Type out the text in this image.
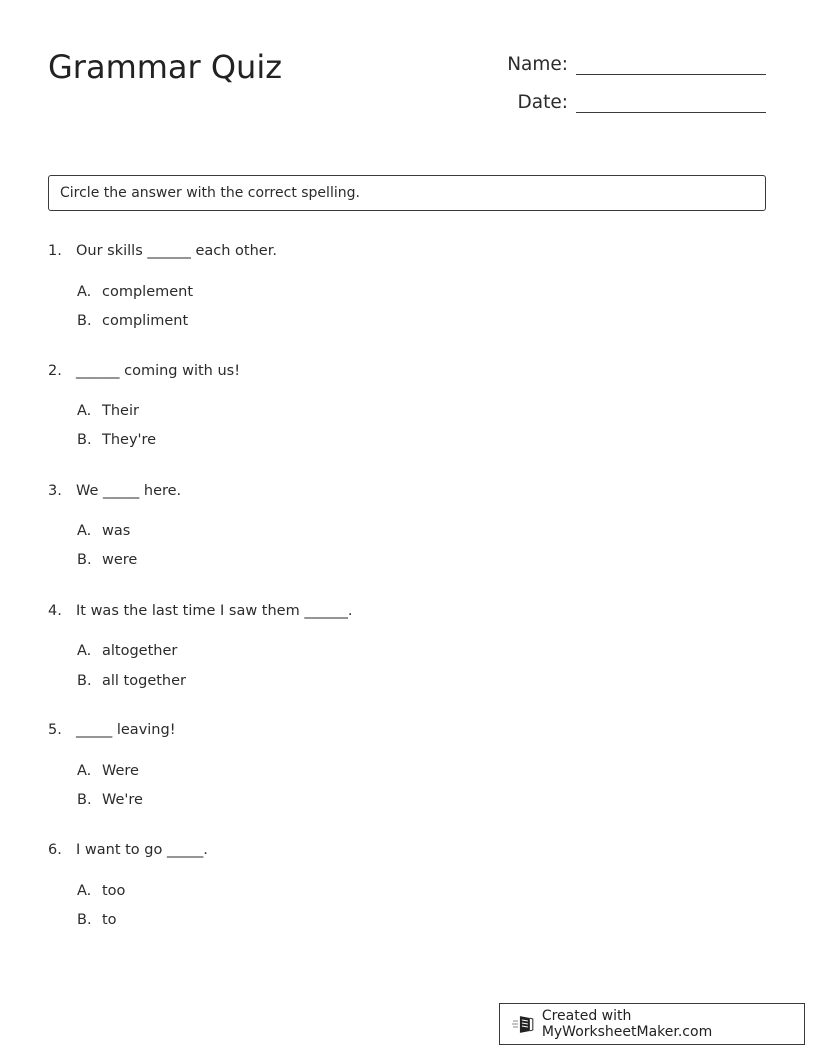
Grammar Quiz	Name:
Date:
Circle the answer with the correct spelling.
1. Our skills ______ each other.
A. complement
B. compliment
2. ______ coming with us!
A. Their
B. They're
3. We _____ here.
A. was
B. were
4. It was the last time I saw them ______.
A. altogether
B. all together
5. _____ leaving!
A. Were
B. We're
6. I want to go _____.
A. too
B. to
Created with MyWorksheetMaker.com
